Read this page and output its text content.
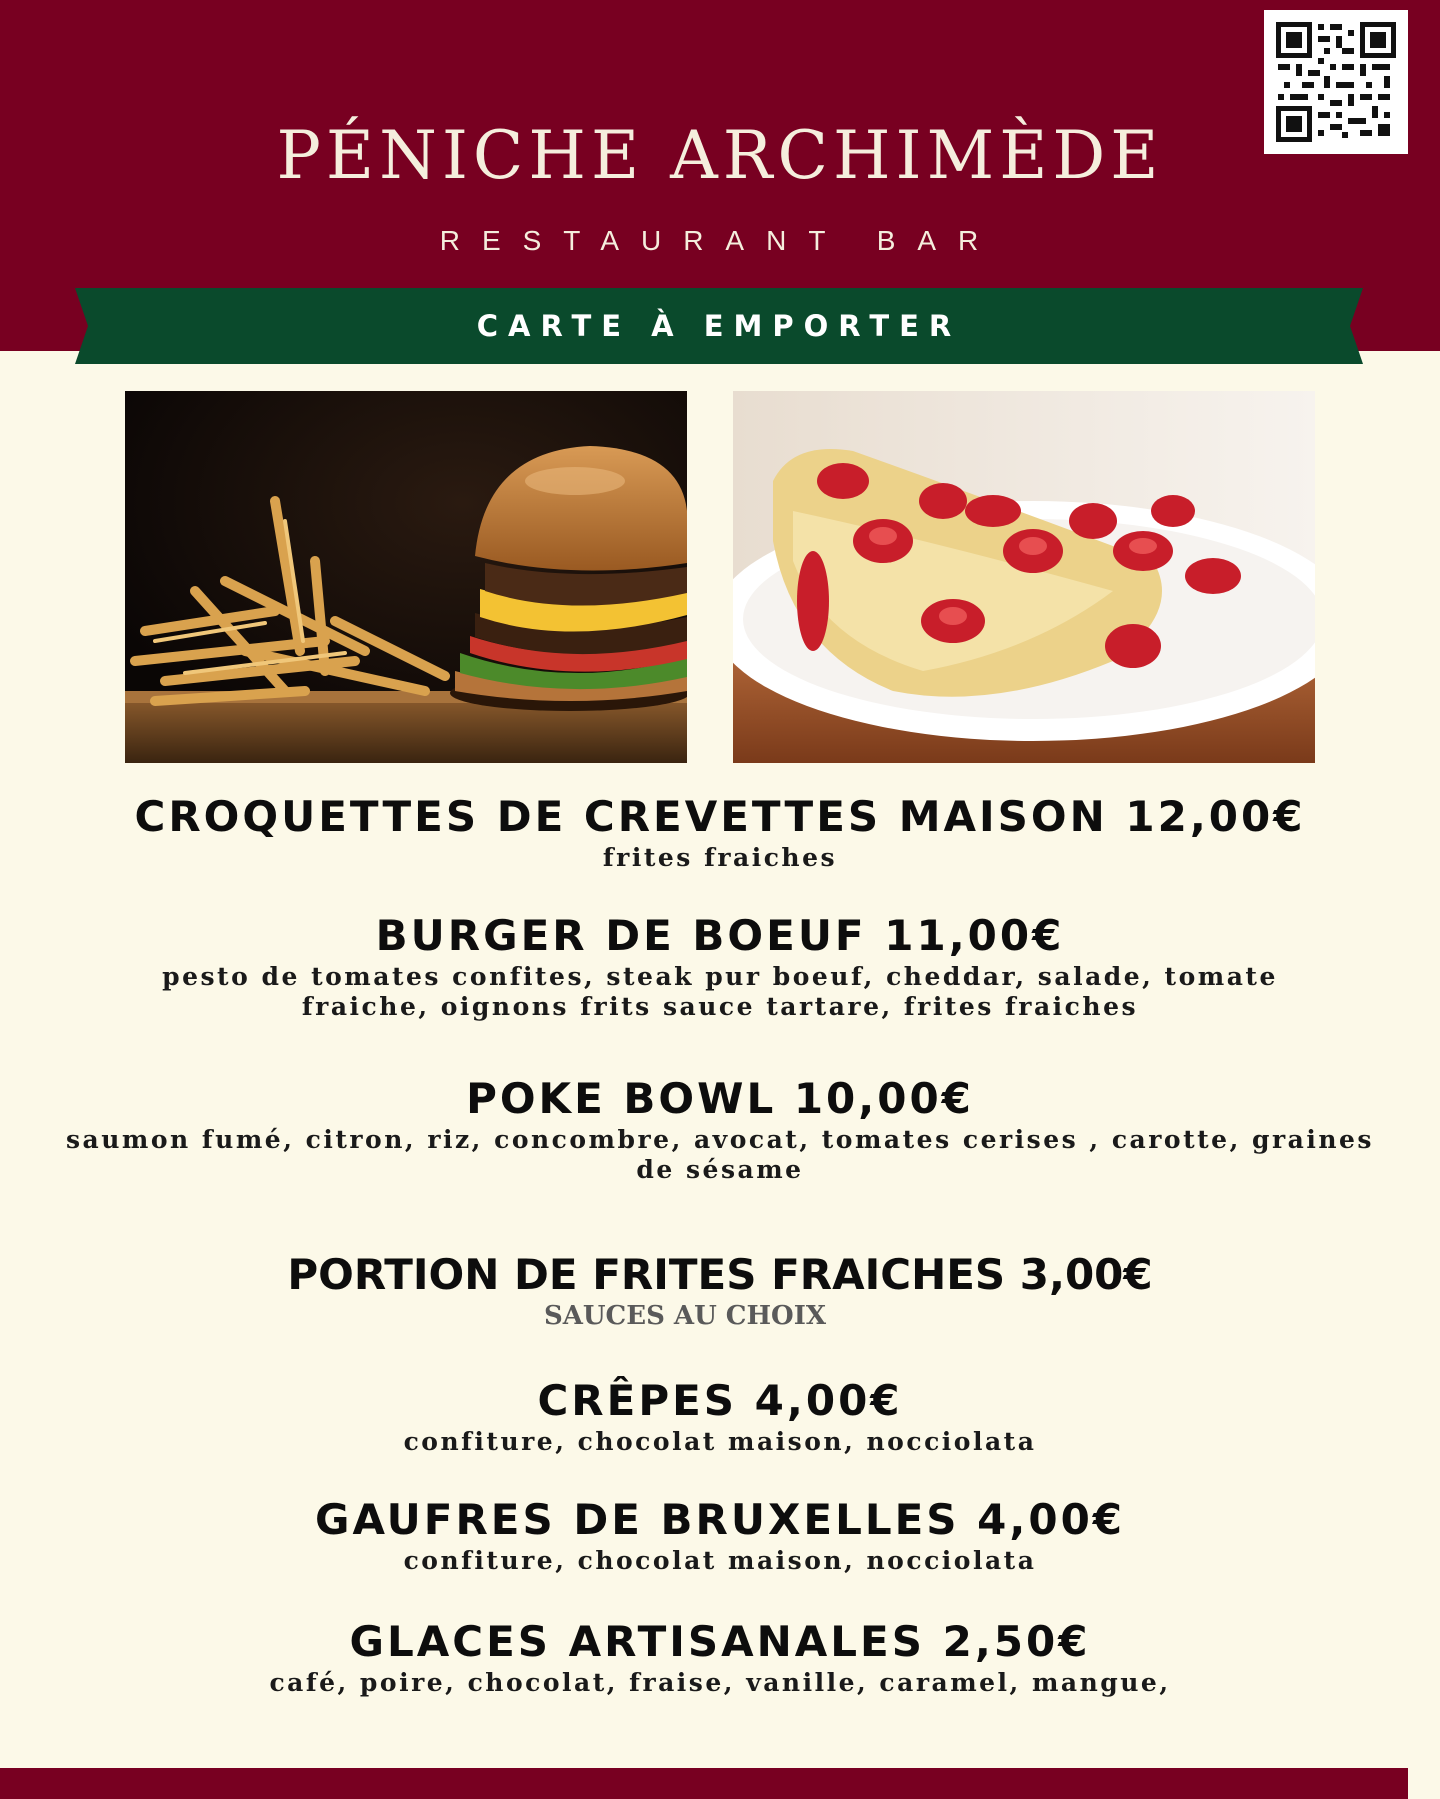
PÉNICHE ARCHIMÈDE
RESTAURANT BAR
CARTE À EMPORTER
CROQUETTES DE CREVETTES MAISON 12,00€
frites fraiches
BURGER DE BOEUF 11,00€
pesto de tomates confites, steak pur boeuf, cheddar, salade, tomate fraiche, oignons frits sauce tartare, frites fraiches
POKE BOWL 10,00€
saumon fumé, citron, riz, concombre, avocat, tomates cerises , carotte, graines de sésame
PORTION DE FRITES FRAICHES 3,00€
SAUCES AU CHOIX
CRÊPES 4,00€
confiture, chocolat maison, nocciolata
GAUFRES DE BRUXELLES 4,00€
confiture, chocolat maison, nocciolata
GLACES ARTISANALES 2,50€
café, poire, chocolat, fraise, vanille, caramel, mangue,
